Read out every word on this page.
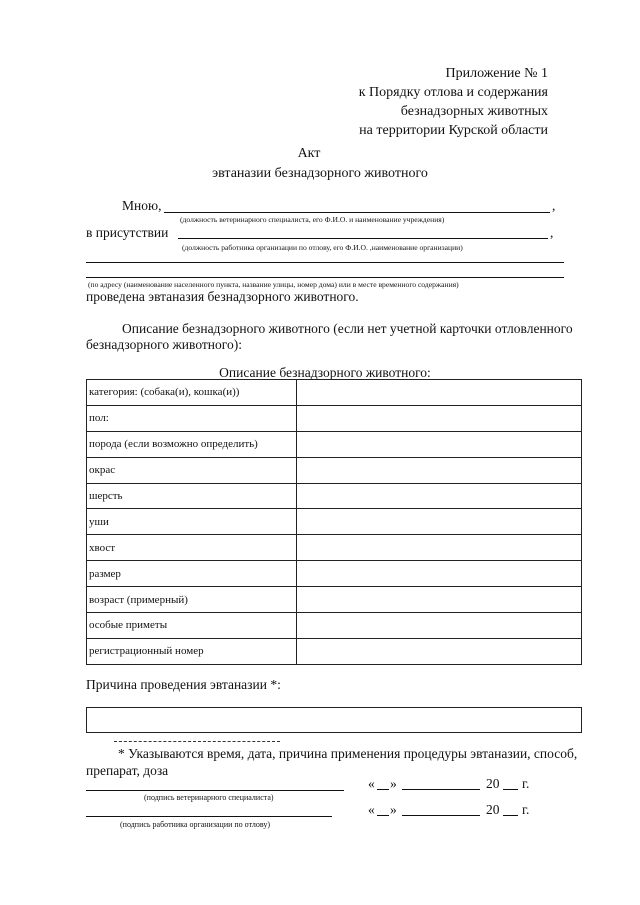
Приложение № 1
к Порядку отлова и содержания
безнадзорных животных
на территории Курской области
Акт
эвтаназии безнадзорного животного
Мною,	,
(должность ветеринарного специалиста, его Ф.И.О. и наименование учреждения)
в присутствии	,
(должность работника организации по отлову, его Ф.И.О. ,наименование организации)
(по адресу (наименование населенного пункта, название улицы, номер дома) или в месте временного содержания)
проведена эвтаназия безнадзорного животного.
Описание безнадзорного животного (если нет учетной карточки отловленного
безнадзорного животного):
Описание безнадзорного животного:
категория: (собака(и), кошка(и))	
пол:	
порода (если возможно определить)	
окрас	
шерсть	
уши	
хвост	
размер	
возраст (примерный)	
особые приметы	
регистрационный номер	
Причина проведения эвтаназии *:
* Указываются время, дата, причина применения процедуры эвтаназии, способ,
препарат, доза
(подпись ветеринарного специалиста)
« »	20 г.
(подпись работника организации по отлову)
« »	20 г.
